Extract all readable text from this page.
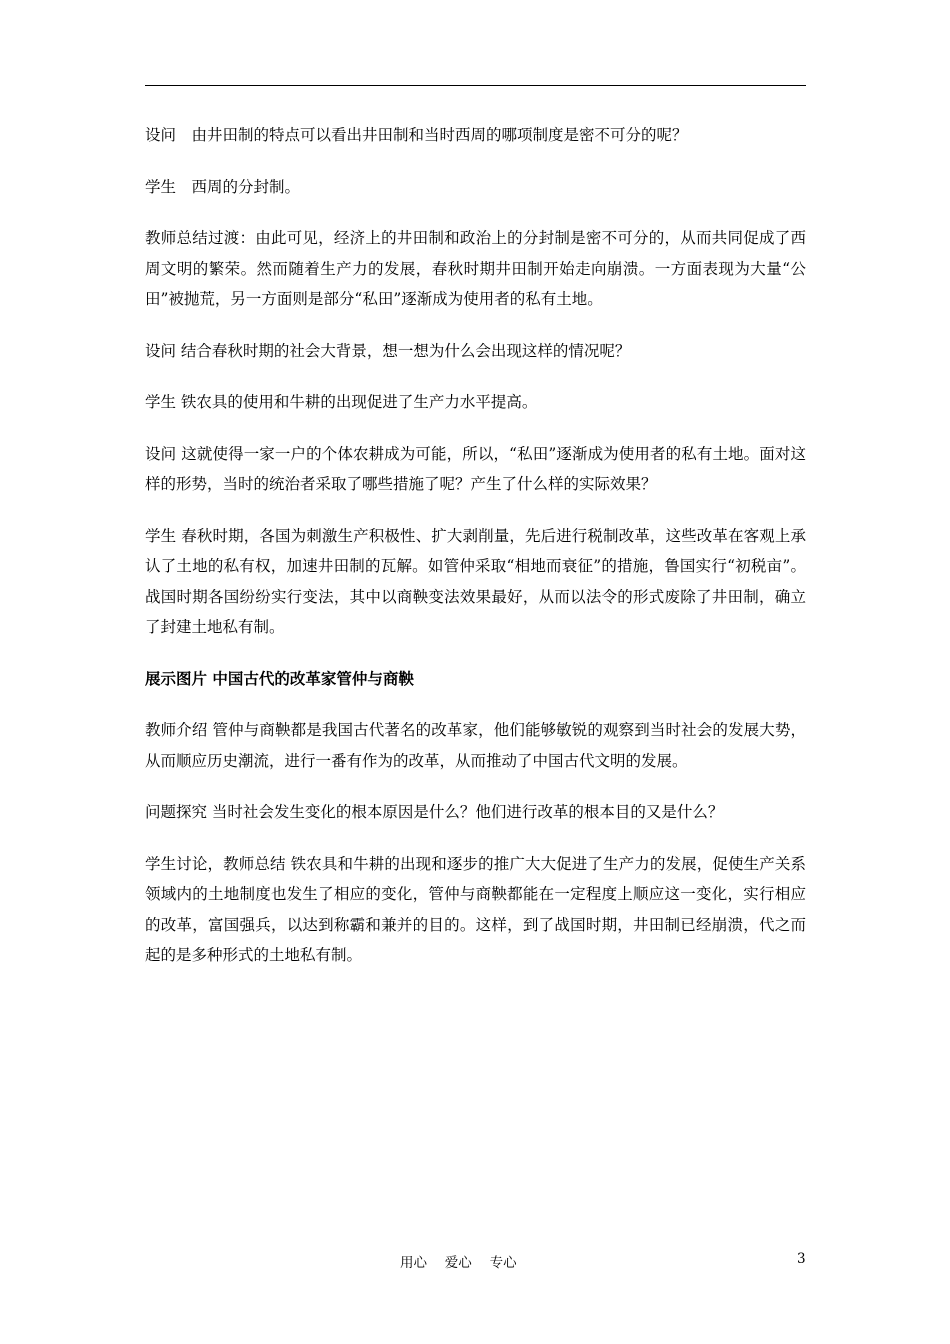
设问　由井田制的特点可以看出井田制和当时西周的哪项制度是密不可分的呢？

学生　西周的分封制。

教师总结过渡：由此可见，经济上的井田制和政治上的分封制是密不可分的，从而共同促成了西周文明的繁荣。然而随着生产力的发展，春秋时期井田制开始走向崩溃。一方面表现为大量“公田”被抛荒，另一方面则是部分“私田”逐渐成为使用者的私有土地。

设问 结合春秋时期的社会大背景，想一想为什么会出现这样的情况呢？

学生 铁农具的使用和牛耕的出现促进了生产力水平提高。

设问 这就使得一家一户的个体农耕成为可能，所以，“私田”逐渐成为使用者的私有土地。面对这样的形势，当时的统治者采取了哪些措施了呢？产生了什么样的实际效果？

学生 春秋时期，各国为刺激生产积极性、扩大剥削量，先后进行税制改革，这些改革在客观上承认了土地的私有权，加速井田制的瓦解。如管仲采取“相地而衰征”的措施，鲁国实行“初税亩”。战国时期各国纷纷实行变法，其中以商鞅变法效果最好，从而以法令的形式废除了井田制，确立了封建土地私有制。

展示图片 中国古代的改革家管仲与商鞅

教师介绍 管仲与商鞅都是我国古代著名的改革家，他们能够敏锐的观察到当时社会的发展大势，从而顺应历史潮流，进行一番有作为的改革，从而推动了中国古代文明的发展。

问题探究 当时社会发生变化的根本原因是什么？他们进行改革的根本目的又是什么？

学生讨论，教师总结 铁农具和牛耕的出现和逐步的推广大大促进了生产力的发展，促使生产关系领域内的土地制度也发生了相应的变化，管仲与商鞅都能在一定程度上顺应这一变化，实行相应的改革，富国强兵，以达到称霸和兼并的目的。这样，到了战国时期，井田制已经崩溃，代之而起的是多种形式的土地私有制。

用心　 爱心　 专心	3
